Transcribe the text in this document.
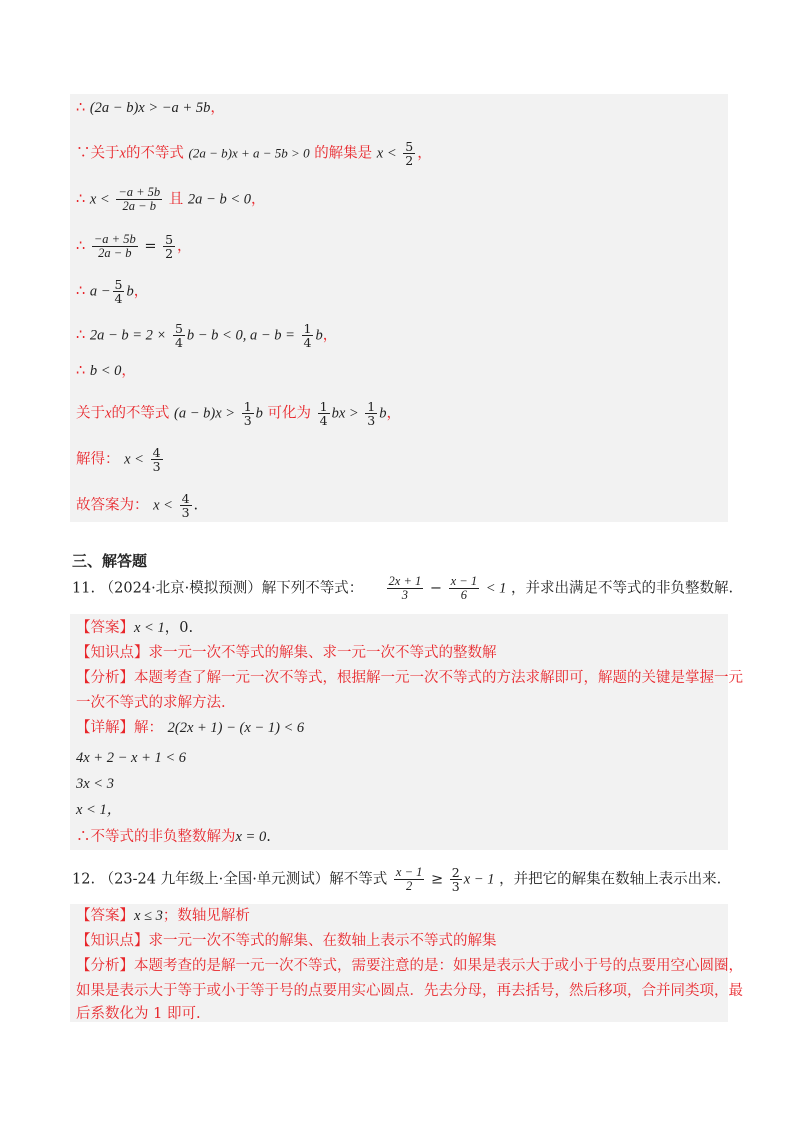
∴ (2a − b)x > −a + 5b，
∵关于x的不等式 (2a − b)x + a − 5b > 0 的解集是 $x < \frac{5}{2}$ ，
∴ $x < \frac{-a + 5b}{2a - b}$ 且 2a − b < 0，
∴ $\frac{-a + 5b}{2a - b} = \frac{5}{2}$ ，
∴ $a - \frac{5}{4}$ b，
∴ $2a - b = 2 \times \frac{5}{4}$ b − b < 0, $a - b = \frac{1}{4}$ b，
∴ b < 0，
关于x的不等式 $(a - b)x > \frac{1}{3}$ b 可化为 $\frac{1}{4}$ bx > $\frac{1}{3}$ b，
解得： $x < \frac{4}{3}$
故答案为： $x < \frac{4}{3}$ .
三、解答题
11. （2024·北京·模拟预测）解下列不等式： $\frac{2x + 1}{3} - \frac{x - 1}{6} < 1$ ，并求出满足不等式的非负整数解.
【答案】x < 1，0.
【知识点】求一元一次不等式的解集、求一元一次不等式的整数解
【分析】本题考查了解一元一次不等式，根据解一元一次不等式的方法求解即可，解题的关键是掌握一元
一次不等式的求解方法.
【详解】解： 2(2x + 1) − (x − 1) < 6
4x + 2 − x + 1 < 6
3x < 3
x < 1，
∴不等式的非负整数解为x = 0.
12. （23-24 九年级上·全国·单元测试）解不等式 $\frac{x - 1}{2} \ge \frac{2}{3}$ x − 1 ，并把它的解集在数轴上表示出来.
【答案】x ≤ 3；数轴见解析
【知识点】求一元一次不等式的解集、在数轴上表示不等式的解集
【分析】本题考查的是解一元一次不等式，需要注意的是：如果是表示大于或小于号的点要用空心圆圈，
如果是表示大于等于或小于等于号的点要用实心圆点．先去分母，再去括号，然后移项，合并同类项，最
后系数化为 1 即可.
